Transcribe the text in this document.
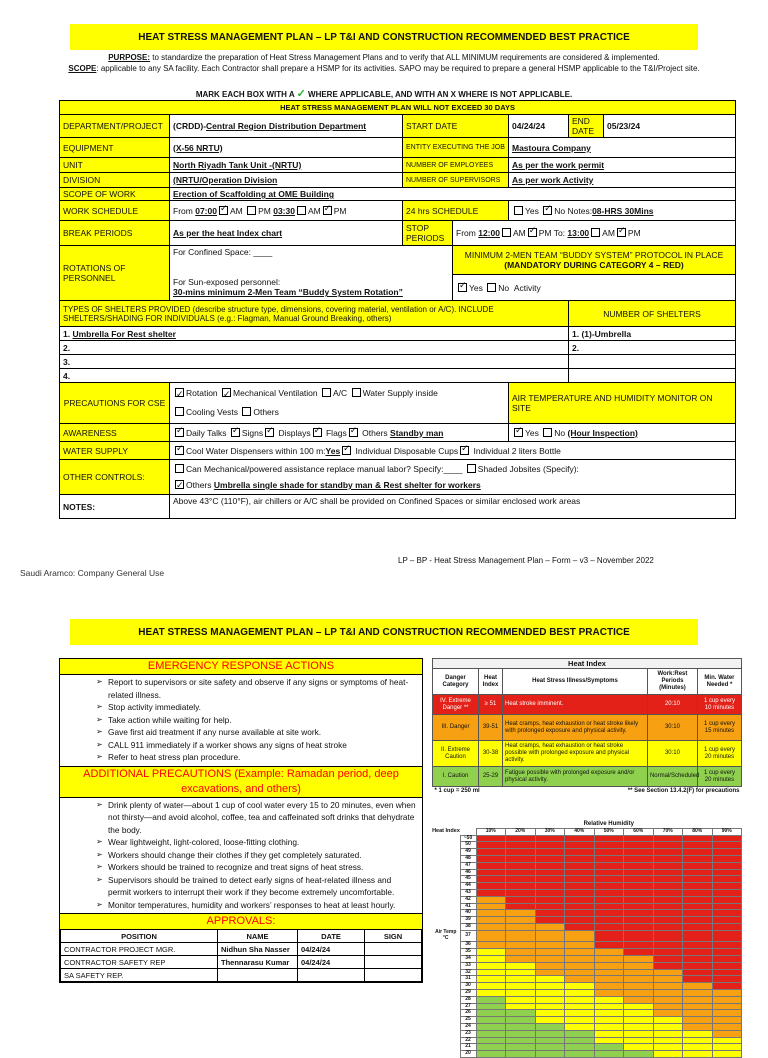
HEAT STRESS MANAGEMENT PLAN – LP T&I AND CONSTRUCTION RECOMMENDED BEST PRACTICE
PURPOSE: to standardize the preparation of Heat Stress Management Plans and to verify that ALL MINIMUM requirements are considered & implemented.
SCOPE: applicable to any SA facility. Each Contractor shall prepare a HSMP for its activities. SAPO may be required to prepare a general HSMP applicable to the T&I/Project site.
MARK EACH BOX WITH A ✓ WHERE APPLICABLE, AND WITH AN X WHERE IS NOT APPLICABLE.
HEAT STRESS MANAGEMENT PLAN WILL NOT EXCEED 30 DAYS						
DEPARTMENT/PROJECT	(CRDD)-Central Region Distribution Department	START DATE		04/24/24	END DATE	05/23/24
EQUIPMENT	(X-56 NRTU)	ENTITY EXECUTING THE JOB		Mastoura Company		
UNIT	North Riyadh Tank Unit -(NRTU)	NUMBER OF EMPLOYEES		As per the work permit		
DIVISION	(NRTU/Operation Division	NUMBER OF SUPERVISORS		As per work Activity		
SCOPE OF WORK	Erection of Scaffolding at OME Building					
WORK SCHEDULE	From 07:00 ✓ AM PM 03:30 AM ✓ PM	24 hrs SCHEDULE		Yes ✓ No Notes:08-HRS 30Mins
BREAK PERIODS	As per the heat Index chart	STOP PERIODS	From 12:00 AM ✓ PM To: 13:00 AM ✓ PM
ROTATIONS OF PERSONNEL	For Confined Space: ____		MINIMUM 2-MEN TEAM “BUDDY SYSTEM” PROTOCOL IN PLACE (MANDATORY DURING CATEGORY 4 – RED)			
	For Sun-exposed personnel:
30-mins minimum 2-Men Team “Buddy System Rotation”	✓Yes No Activity
TYPES OF SHELTERS PROVIDED (describe structure type, dimensions, covering material, ventilation or A/C). INCLUDE SHELTERS/SHADING FOR INDIVIDUALS (e.g.: Flagman, Manual Ground Breaking, others)					NUMBER OF SHELTERS	
1. Umbrella For Rest shelter					1. (1)-Umbrella	
2.					2.	
3.						
4.						
PRECAUTIONS FOR CSE	✓Rotation ✓ Mechanical Ventilation A/C Water Supply inside
Cooling Vests Others			AIR TEMPERATURE AND HUMIDITY MONITOR ON SITE		
AWARENESS	✓Daily Talks ✓ Signs ✓ Displays ✓ Flags ✓ Others Standby man	✓Yes No (Hour Inspection)
WATER SUPPLY	✓Cool Water Dispensers within 100 m:Yes ✓ Individual Disposable Cups ✓ Individual 2 liters Bottle
OTHER CONTROLS:	Can Mechanical/powered assistance replace manual labor? Specify:____ Shaded Jobsites (Specify):
✓Others Umbrella single shade for standby man & Rest shelter for workers
NOTES:	Above 43°C (110°F), air chillers or A/C shall be provided on Confined Spaces or similar enclosed work areas					
LP – BP - Heat Stress Management Plan – Form – v3 – November 2022
Saudi Aramco: Company General Use
HEAT STRESS MANAGEMENT PLAN – LP T&I AND CONSTRUCTION RECOMMENDED BEST PRACTICE
EMERGENCY RESPONSE ACTIONS
➢ Report to supervisors or site safety and observe if any signs or symptoms of heat-related illness.
➢ Stop activity immediately.
➢ Take action while waiting for help.
➢ Gave first aid treatment if any nurse available at site work.
➢ CALL 911 immediately if a worker shows any signs of heat stroke
➢ Refer to heat stress plan procedure.
ADDITIONAL PRECAUTIONS (Example: Ramadan period, deep excavations, and others)
➢ Drink plenty of water—about 1 cup of cool water every 15 to 20 minutes, even when not thirsty—and avoid alcohol, coffee, tea and caffeinated soft drinks that dehydrate the body.
➢ Wear lightweight, light-colored, loose-fitting clothing.
➢ Workers should change their clothes if they get completely saturated.
➢ Workers should be trained to recognize and treat signs of heat stress.
➢ Supervisors should be trained to detect early signs of heat-related illness and permit workers to interrupt their work if they become extremely uncomfortable.
➢ Monitor temperatures, humidity and workers’ responses to heat at least hourly.
APPROVALS:
POSITION	NAME	DATE	SIGN
CONTRACTOR PROJECT MGR.	Nidhun Sha Nasser	04/24/24	
CONTRACTOR SAFETY REP	Thennarasu Kumar	04/24/24	
SA SAFETY REP.			
Heat Index				
Danger Category	Heat Index	Heat Stress Illness/Symptoms	Work:Rest Periods (Minutes)	Min. Water Needed *
IV. Extreme Danger **	≥ 51	Heat stroke imminent.	20:10	1 cup every 10 minutes
III. Danger	39-51	Heat cramps, heat exhaustion or heat stroke likely with prolonged exposure and physical activity.	30:10	1 cup every 15 minutes
II. Extreme Caution	30-38	Heat cramps, heat exhaustion or heat stroke possible with prolonged exposure and physical activity.	30:10	1 cup every 20 minutes
I. Caution	25-29	Fatigue possible with prolonged exposure and/or physical activity.	Normal/Scheduled	1 cup every 20 minutes
* 1 cup = 250 ml ** See Section 13.4.2(F) for precautions				
		Relative Humidity								
Heat Index		10%	20%	30%	40%	50%	60%	70%	80%	90%
	~50									
	50									
	49									
	48									
	47									
	46									
	45									
	44									
	43									
	42									
	41									
	40									
	39									
	38									
Air Temp °C	37									
	36									
	35									
	34									
	33									
	32									
	31									
	30									
	29									
	28									
	27									
	26									
	25									
	24									
	23									
	22									
	21									
	20									
